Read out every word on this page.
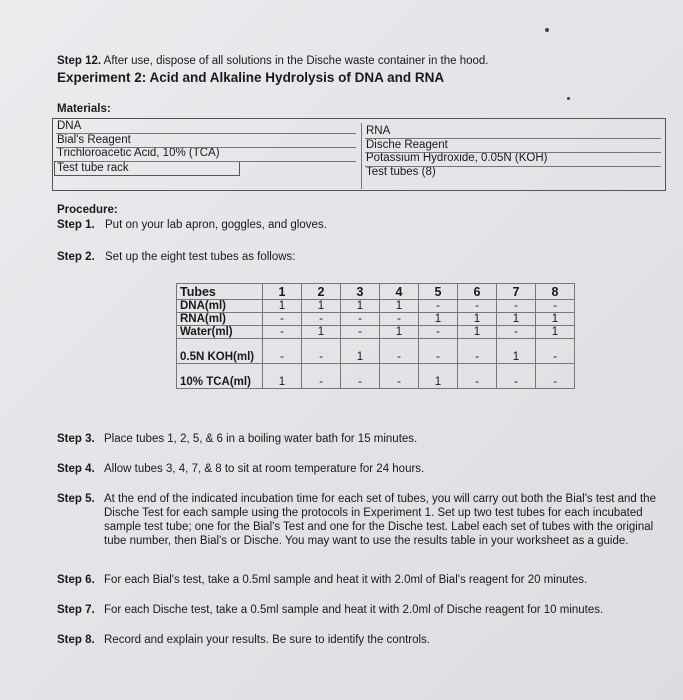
Step 12. After use, dispose of all solutions in the Dische waste container in the hood.
Experiment 2: Acid and Alkaline Hydrolysis of DNA and RNA
Materials:
DNA
Bial's Reagent
Trichloroacetic Acid, 10% (TCA)
Test tube rack
RNA
Dische Reagent
Potassium Hydroxide, 0.05N (KOH)
Test tubes (8)
Procedure:
Step 1. Put on your lab apron, goggles, and gloves.
Step 2. Set up the eight test tubes as follows:
Tubes	1	2	3	4	5	6	7	8
DNA(ml)	1	1	1	1	-	-	-	-
RNA(ml)	-	-	-	-	1	1	1	1
Water(ml)	-	1	-	1	-	1	-	1
0.5N KOH(ml)	-	-	1	-	-	-	1	-
10% TCA(ml)	1	-	-	-	1	-	-	-
Step 3. Place tubes 1, 2, 5, & 6 in a boiling water bath for 15 minutes.
Step 4. Allow tubes 3, 4, 7, & 8 to sit at room temperature for 24 hours.
Step 5. At the end of the indicated incubation time for each set of tubes, you will carry out both the Bial's test and the Dische Test for each sample using the protocols in Experiment 1. Set up two test tubes for each incubated sample test tube; one for the Bial's Test and one for the Dische test. Label each set of tubes with the original tube number, then Bial's or Dische. You may want to use the results table in your worksheet as a guide.
Step 6. For each Bial's test, take a 0.5ml sample and heat it with 2.0ml of Bial's reagent for 20 minutes.
Step 7. For each Dische test, take a 0.5ml sample and heat it with 2.0ml of Dische reagent for 10 minutes.
Step 8. Record and explain your results. Be sure to identify the controls.
